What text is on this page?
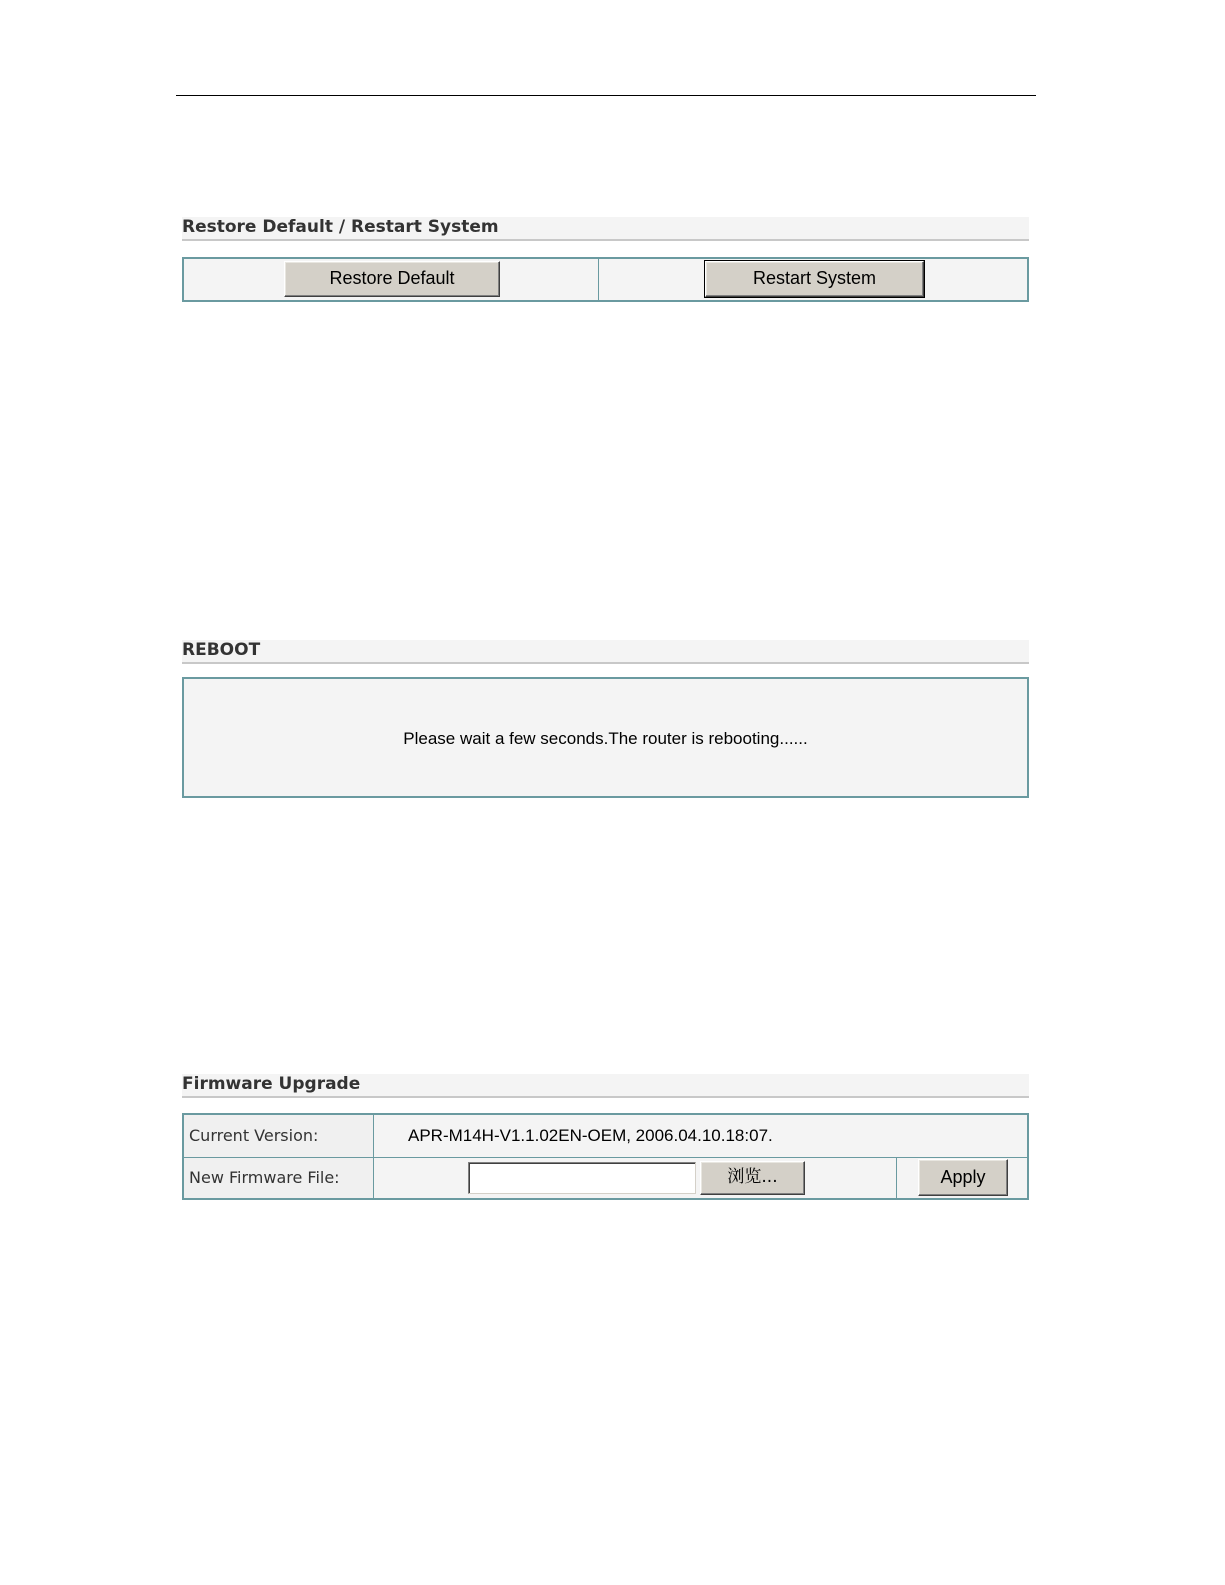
Restore Default / Restart System
Restore Default	Restart System
REBOOT
Please wait a few seconds.The router is rebooting......
Firmware Upgrade
Current Version:
New Firmware File:
APR-M14H-V1.1.02EN-OEM, 2006.04.10.18:07.
浏览...	Apply
